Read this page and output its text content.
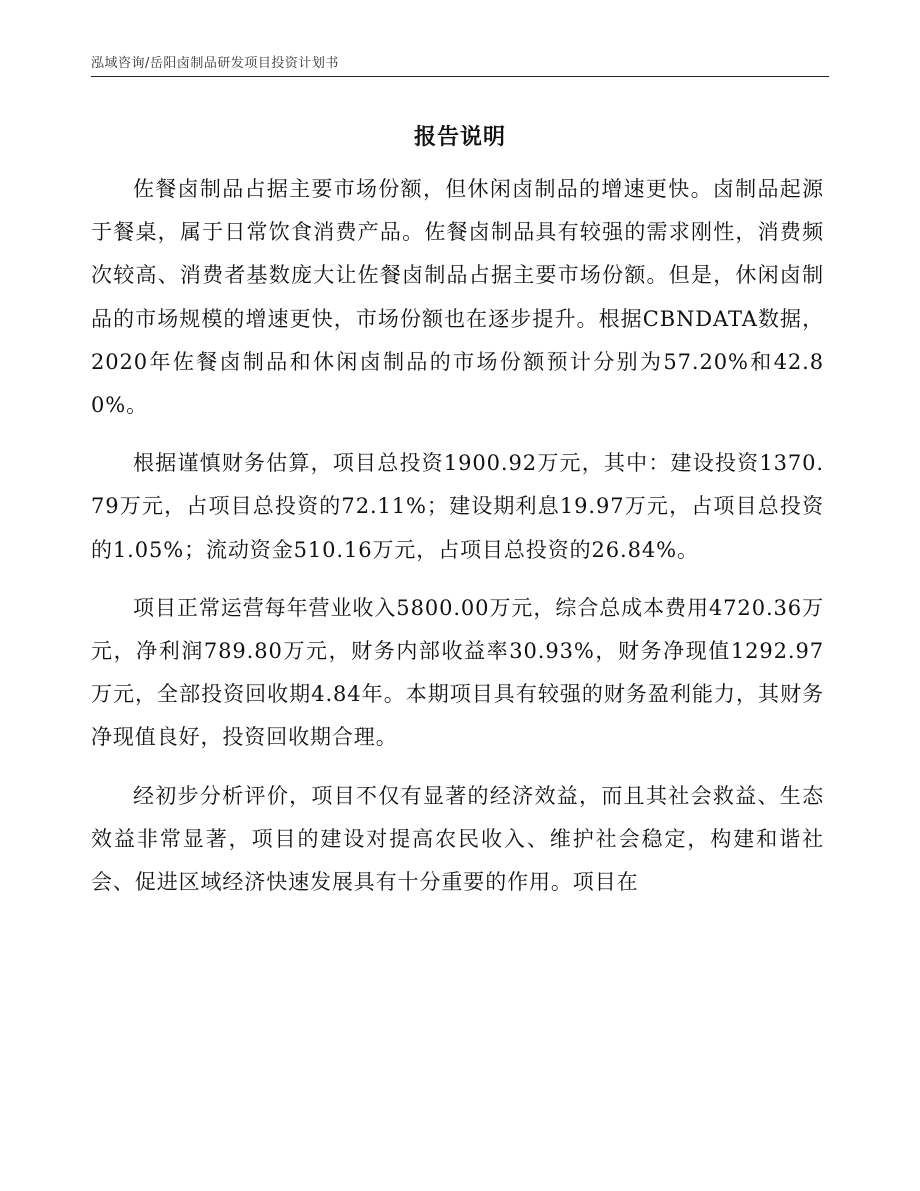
泓域咨询/岳阳卤制品研发项目投资计划书
报告说明

佐餐卤制品占据主要市场份额，但休闲卤制品的增速更快。卤制品起源于餐桌，属于日常饮食消费产品。佐餐卤制品具有较强的需求刚性，消费频次较高、消费者基数庞大让佐餐卤制品占据主要市场份额。但是，休闲卤制品的市场规模的增速更快，市场份额也在逐步提升。根据CBNDATA数据，2020年佐餐卤制品和休闲卤制品的市场份额预计分别为57.20%和42.80%。

根据谨慎财务估算，项目总投资1900.92万元，其中：建设投资1370.79万元，占项目总投资的72.11%；建设期利息19.97万元，占项目总投资的1.05%；流动资金510.16万元，占项目总投资的26.84%。

项目正常运营每年营业收入5800.00万元，综合总成本费用4720.36万元，净利润789.80万元，财务内部收益率30.93%，财务净现值1292.97万元，全部投资回收期4.84年。本期项目具有较强的财务盈利能力，其财务净现值良好，投资回收期合理。

经初步分析评价，项目不仅有显著的经济效益，而且其社会救益、生态效益非常显著，项目的建设对提高农民收入、维护社会稳定，构建和谐社会、促进区域经济快速发展具有十分重要的作用。项目在
